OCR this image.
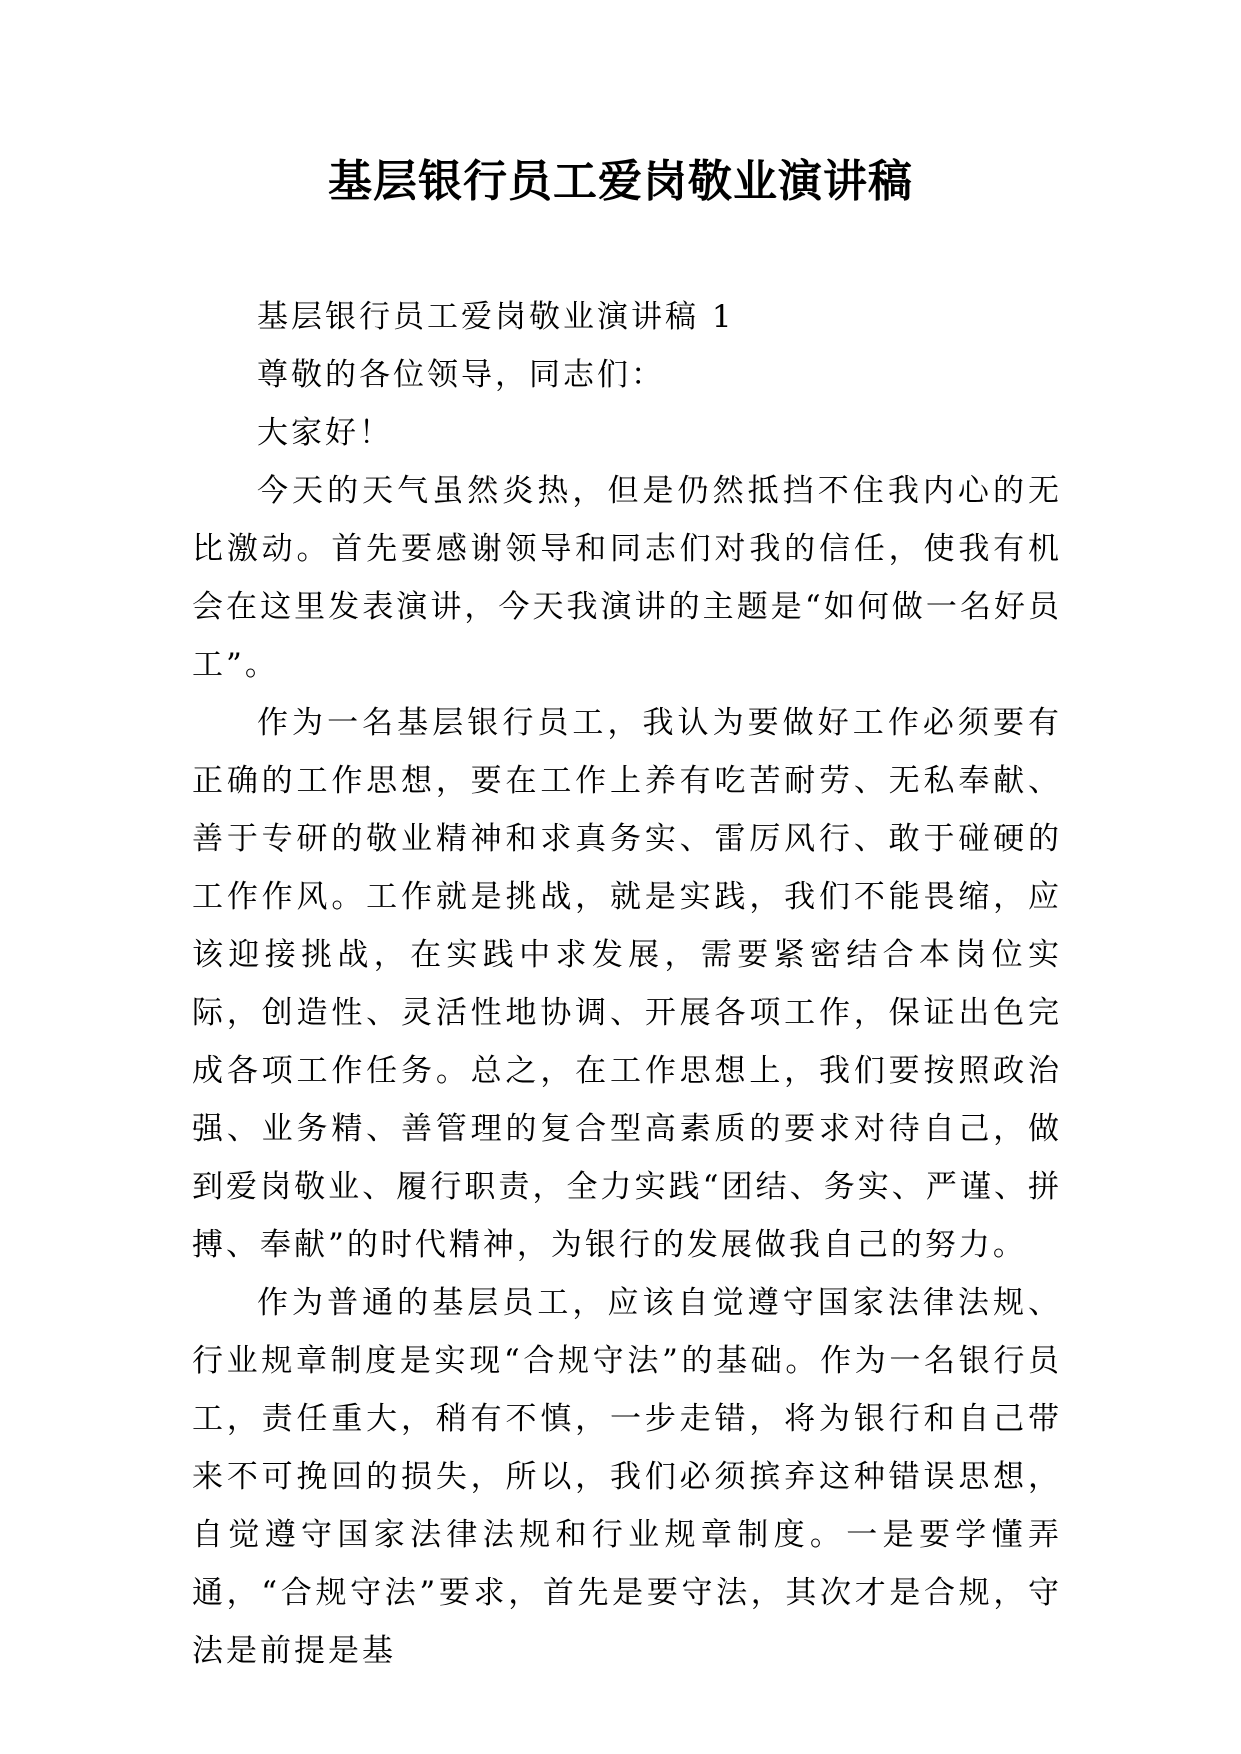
基层银行员工爱岗敬业演讲稿

基层银行员工爱岗敬业演讲稿 1

尊敬的各位领导，同志们：

大家好！

今天的天气虽然炎热，但是仍然抵挡不住我内心的无比激动。首先要感谢领导和同志们对我的信任，使我有机会在这里发表演讲，今天我演讲的主题是“如何做一名好员工”。

作为一名基层银行员工，我认为要做好工作必须要有正确的工作思想，要在工作上养有吃苦耐劳、无私奉献、善于专研的敬业精神和求真务实、雷厉风行、敢于碰硬的工作作风。工作就是挑战，就是实践，我们不能畏缩，应该迎接挑战，在实践中求发展，需要紧密结合本岗位实际，创造性、灵活性地协调、开展各项工作，保证出色完成各项工作任务。总之，在工作思想上，我们要按照政治强、业务精、善管理的复合型高素质的要求对待自己，做到爱岗敬业、履行职责，全力实践“团结、务实、严谨、拼搏、奉献”的时代精神，为银行的发展做我自己的努力。

作为普通的基层员工，应该自觉遵守国家法律法规、行业规章制度是实现“合规守法”的基础。作为一名银行员工，责任重大，稍有不慎，一步走错，将为银行和自己带来不可挽回的损失，所以，我们必须摈弃这种错误思想，自觉遵守国家法律法规和行业规章制度。一是要学懂弄通，“合规守法”要求，首先是要守法，其次才是合规，守法是前提是基
